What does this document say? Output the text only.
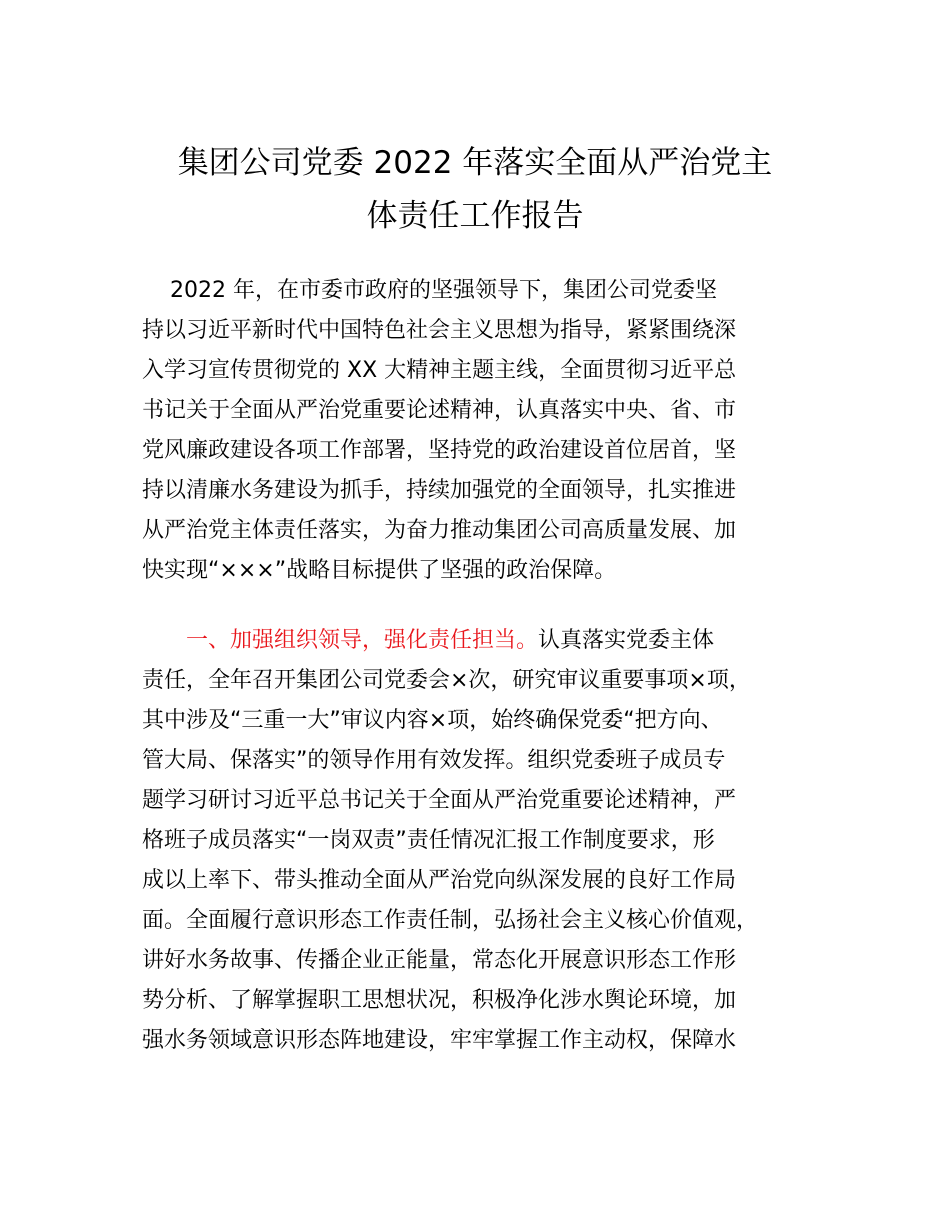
集团公司党委 2022 年落实全面从严治党主
体责任工作报告
2022 年，在市委市政府的坚强领导下，集团公司党委坚
持以习近平新时代中国特色社会主义思想为指导，紧紧围绕深
入学习宣传贯彻党的 XX 大精神主题主线，全面贯彻习近平总
书记关于全面从严治党重要论述精神，认真落实中央、省、市
党风廉政建设各项工作部署，坚持党的政治建设首位居首，坚
持以清廉水务建设为抓手，持续加强党的全面领导，扎实推进
从严治党主体责任落实，为奋力推动集团公司高质量发展、加
快实现“×××”战略目标提供了坚强的政治保障。
一、加强组织领导，强化责任担当。认真落实党委主体
责任，全年召开集团公司党委会×次，研究审议重要事项×项，
其中涉及“三重一大”审议内容×项，始终确保党委“把方向、
管大局、保落实”的领导作用有效发挥。组织党委班子成员专
题学习研讨习近平总书记关于全面从严治党重要论述精神，严
格班子成员落实“一岗双责”责任情况汇报工作制度要求，形
成以上率下、带头推动全面从严治党向纵深发展的良好工作局
面。全面履行意识形态工作责任制，弘扬社会主义核心价值观，
讲好水务故事、传播企业正能量，常态化开展意识形态工作形
势分析、了解掌握职工思想状况，积极净化涉水舆论环境，加
强水务领域意识形态阵地建设，牢牢掌握工作主动权，保障水
